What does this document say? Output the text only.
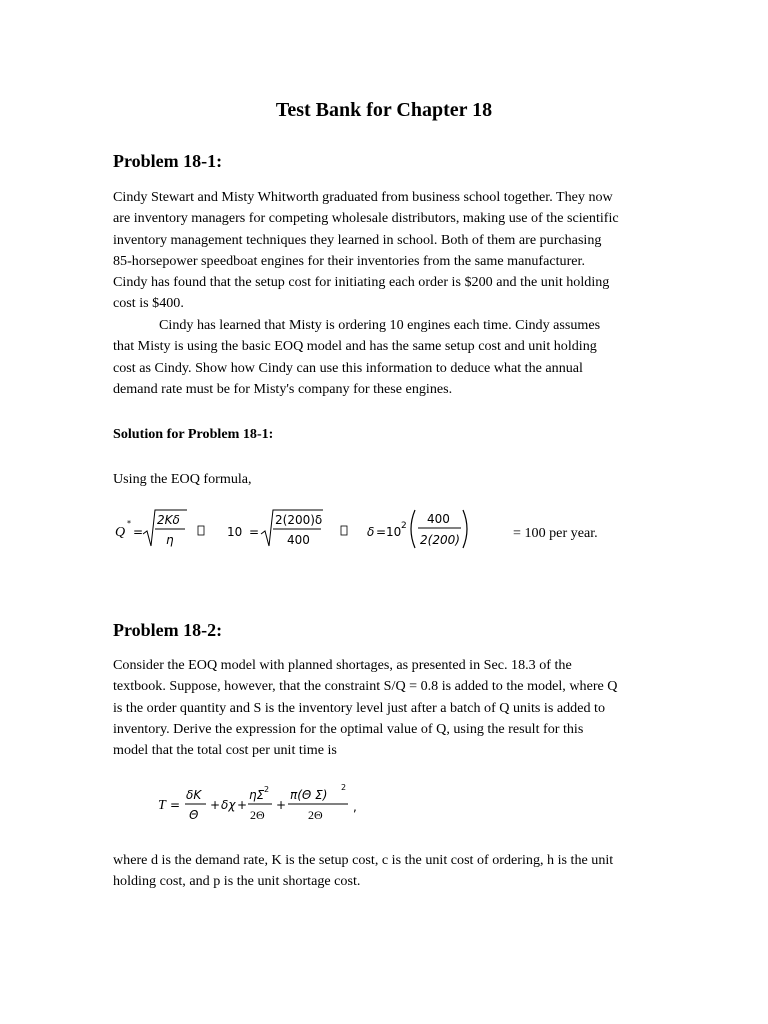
Test Bank for Chapter 18
Problem 18-1:
Cindy Stewart and Misty Whitworth graduated from business school together. They now
are inventory managers for competing wholesale distributors, making use of the scientific
inventory management techniques they learned in school. Both of them are purchasing
85-horsepower speedboat engines for their inventories from the same manufacturer.
Cindy has found that the setup cost for initiating each order is $200 and the unit holding
cost is $400.
Cindy has learned that Misty is ordering 10 engines each time. Cindy assumes
that Misty is using the basic EOQ model and has the same setup cost and unit holding
cost as Cindy. Show how Cindy can use this information to deduce what the annual
demand rate must be for Misty's company for these engines.
Solution for Problem 18-1:
Using the EOQ formula,
Q
*
=
2Kδ
η
10 =
2(200)δ
400
δ = 10 2 400
2(200)	= 100 per year.
Problem 18-2:
Consider the EOQ model with planned shortages, as presented in Sec. 18.3 of the
textbook. Suppose, however, that the constraint S/Q = 0.8 is added to the model, where Q
is the order quantity and S is the inventory level just after a batch of Q units is added to
inventory. Derive the expression for the optimal value of Q, using the result for this
model that the total cost per unit time is
T =
δK
Θ
+ δχ +
ηΣ 2
2Θ
+
π(Θ Σ)
2
2Θ
,
where d is the demand rate, K is the setup cost, c is the unit cost of ordering, h is the unit
holding cost, and p is the unit shortage cost.
